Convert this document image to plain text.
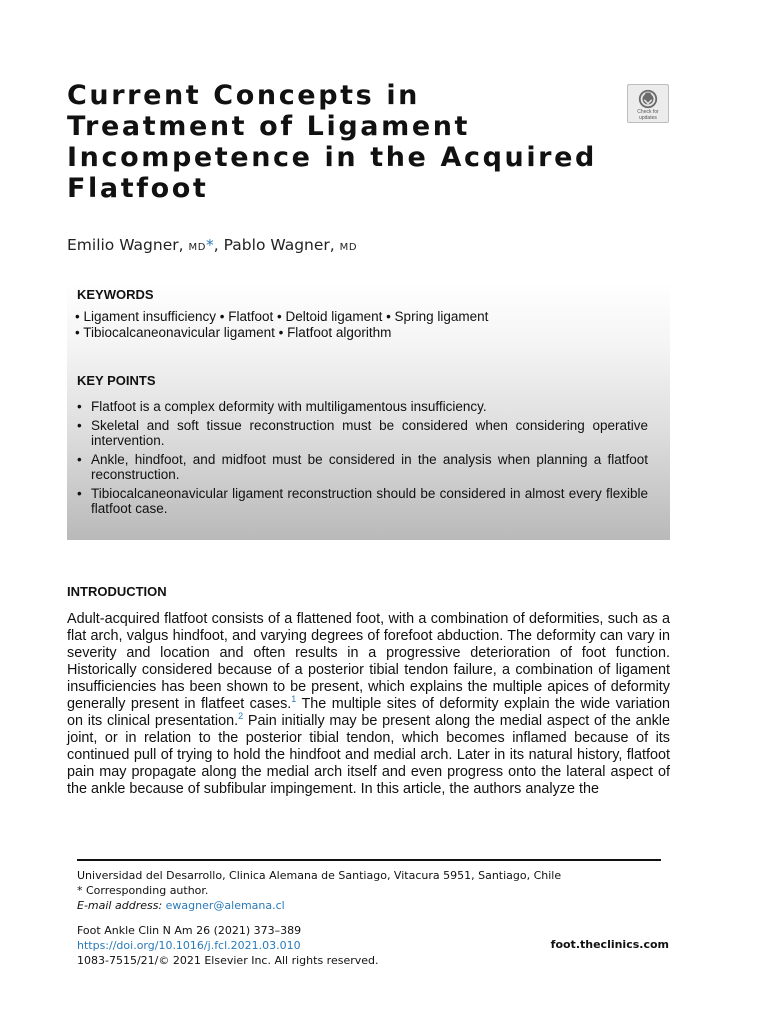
Current Concepts in
Treatment of Ligament
Incompetence in the Acquired
Flatfoot
Check for
updates

Emilio Wagner, MD*, Pablo Wagner, MD

KEYWORDS
• Ligament insufficiency • Flatfoot • Deltoid ligament • Spring ligament
• Tibiocalcaneonavicular ligament • Flatfoot algorithm
KEY POINTS
• Flatfoot is a complex deformity with multiligamentous insufficiency.
• Skeletal and soft tissue reconstruction must be considered when considering operative intervention.
• Ankle, hindfoot, and midfoot must be considered in the analysis when planning a flatfoot reconstruction.
• Tibiocalcaneonavicular ligament reconstruction should be considered in almost every flexible flatfoot case.
INTRODUCTION

Adult-acquired flatfoot consists of a flattened foot, with a combination of deformities, such as a flat arch, valgus hindfoot, and varying degrees of forefoot abduction. The deformity can vary in severity and location and often results in a progressive deterioration of foot function. Historically considered because of a posterior tibial tendon failure, a combination of ligament insufficiencies has been shown to be present, which explains the multiple apices of deformity generally present in flatfeet cases.$^1$ The multiple sites of deformity explain the wide variation on its clinical presentation.$^2$ Pain initially may be present along the medial aspect of the ankle joint, or in relation to the posterior tibial tendon, which becomes inflamed because of its continued pull of trying to hold the hindfoot and medial arch. Later in its natural history, flatfoot pain may propagate along the medial arch itself and even progress onto the lateral aspect of the ankle because of subfibular impingement. In this article, the authors analyze the

Universidad del Desarrollo, Clinica Alemana de Santiago, Vitacura 5951, Santiago, Chile

* Corresponding author.

E-mail address: ewagner@alemana.cl

Foot Ankle Clin N Am 26 (2021) 373–389

https://doi.org/10.1016/j.fcl.2021.03.010

1083-7515/21/© 2021 Elsevier Inc. All rights reserved.

foot.theclinics.com
